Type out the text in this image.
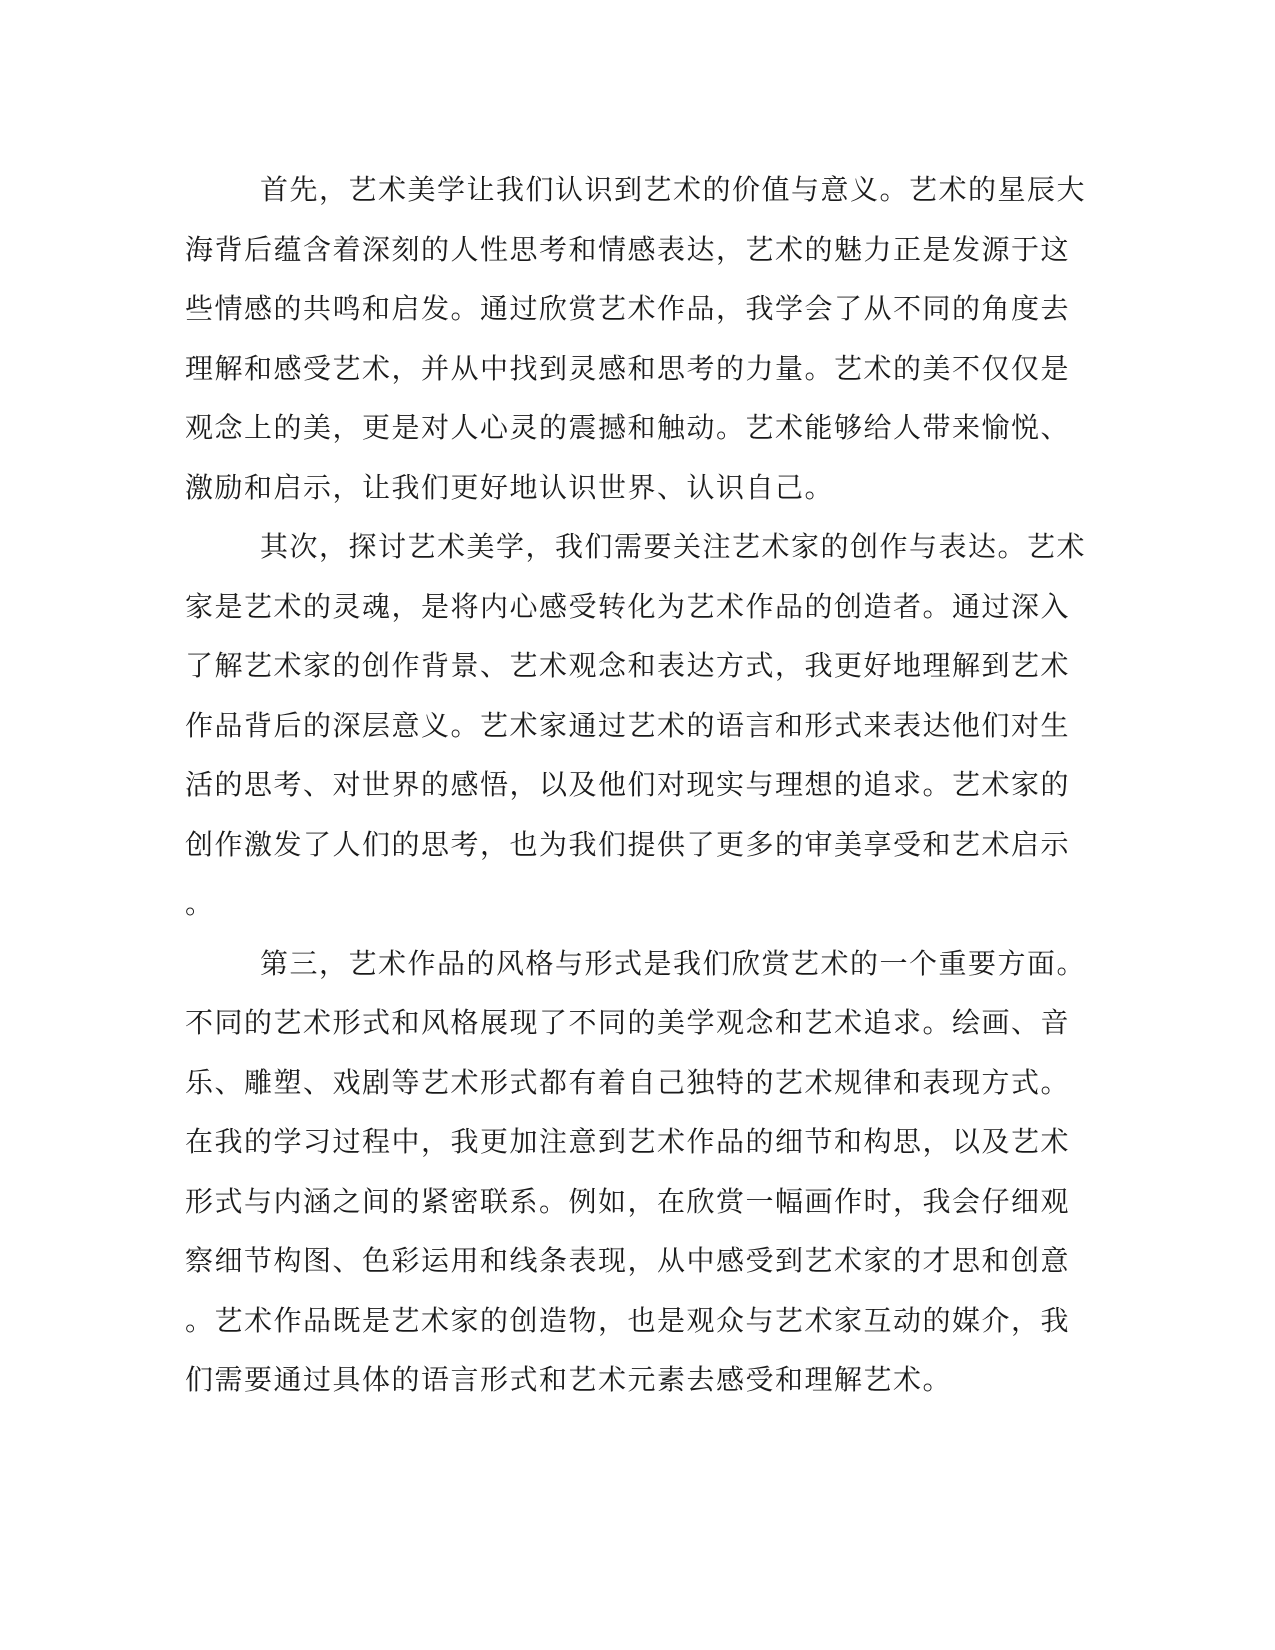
首先，艺术美学让我们认识到艺术的价值与意义。艺术的星辰大
海背后蕴含着深刻的人性思考和情感表达，艺术的魅力正是发源于这
些情感的共鸣和启发。通过欣赏艺术作品，我学会了从不同的角度去
理解和感受艺术，并从中找到灵感和思考的力量。艺术的美不仅仅是
观念上的美，更是对人心灵的震撼和触动。艺术能够给人带来愉悦、
激励和启示，让我们更好地认识世界、认识自己。

其次，探讨艺术美学，我们需要关注艺术家的创作与表达。艺术
家是艺术的灵魂，是将内心感受转化为艺术作品的创造者。通过深入
了解艺术家的创作背景、艺术观念和表达方式，我更好地理解到艺术
作品背后的深层意义。艺术家通过艺术的语言和形式来表达他们对生
活的思考、对世界的感悟，以及他们对现实与理想的追求。艺术家的
创作激发了人们的思考，也为我们提供了更多的审美享受和艺术启示
。

第三，艺术作品的风格与形式是我们欣赏艺术的一个重要方面。
不同的艺术形式和风格展现了不同的美学观念和艺术追求。绘画、音
乐、雕塑、戏剧等艺术形式都有着自己独特的艺术规律和表现方式。
在我的学习过程中，我更加注意到艺术作品的细节和构思，以及艺术
形式与内涵之间的紧密联系。例如，在欣赏一幅画作时，我会仔细观
察细节构图、色彩运用和线条表现，从中感受到艺术家的才思和创意
。艺术作品既是艺术家的创造物，也是观众与艺术家互动的媒介，我
们需要通过具体的语言形式和艺术元素去感受和理解艺术。
